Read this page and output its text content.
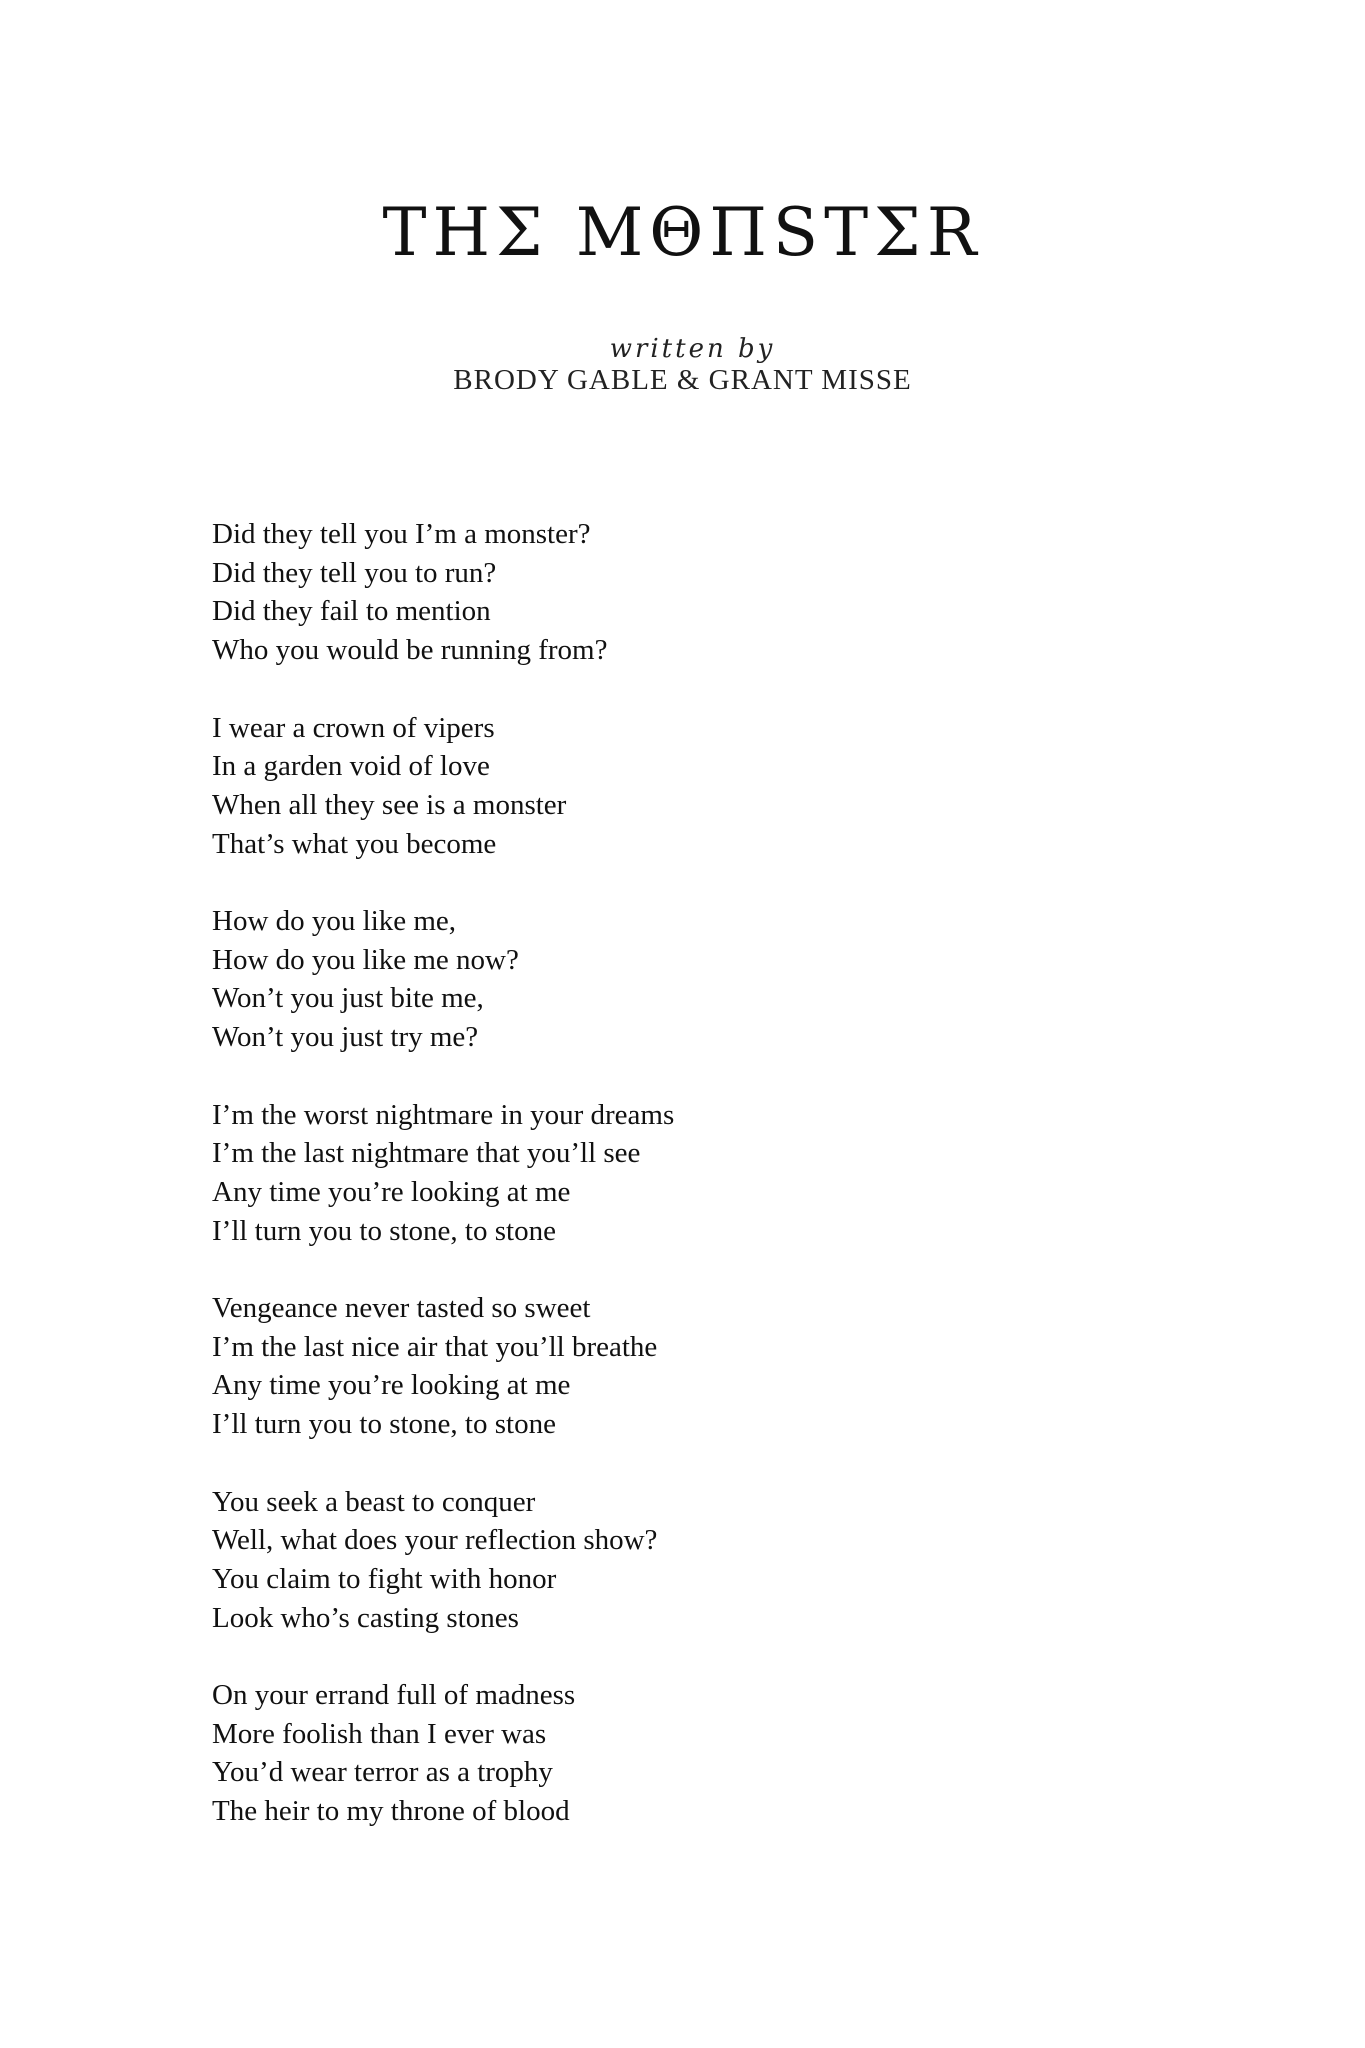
THΣ MΘΠSTΣR
written by
BRODY GABLE & GRANT MISSE
Did they tell you I’m a monster?
Did they tell you to run?
Did they fail to mention
Who you would be running from?
I wear a crown of vipers
In a garden void of love
When all they see is a monster
That’s what you become
How do you like me,
How do you like me now?
Won’t you just bite me,
Won’t you just try me?
I’m the worst nightmare in your dreams
I’m the last nightmare that you’ll see
Any time you’re looking at me
I’ll turn you to stone, to stone
Vengeance never tasted so sweet
I’m the last nice air that you’ll breathe
Any time you’re looking at me
I’ll turn you to stone, to stone
You seek a beast to conquer
Well, what does your reflection show?
You claim to fight with honor
Look who’s casting stones
On your errand full of madness
More foolish than I ever was
You’d wear terror as a trophy
The heir to my throne of blood
